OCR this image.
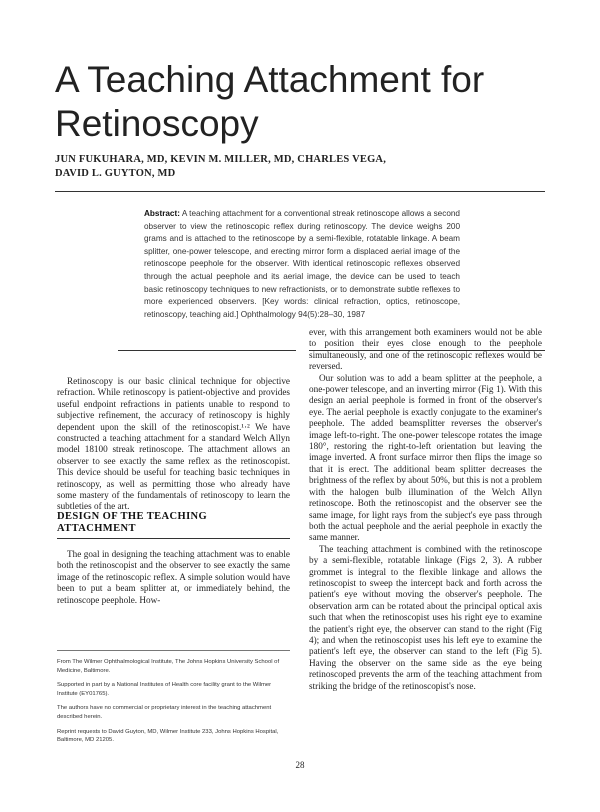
A Teaching Attachment for Retinoscopy
JUN FUKUHARA, MD, KEVIN M. MILLER, MD, CHARLES VEGA,
DAVID L. GUYTON, MD
Abstract: A teaching attachment for a conventional streak retinoscope allows a second observer to view the retinoscopic reflex during retinoscopy. The device weighs 200 grams and is attached to the retinoscope by a semi-flexible, rotatable linkage. A beam splitter, one-power telescope, and erecting mirror form a displaced aerial image of the retinoscope peephole for the observer. With identical retinoscopic reflexes observed through the actual peephole and its aerial image, the device can be used to teach basic retinoscopy techniques to new refractionists, or to demonstrate subtle reflexes to more experienced observers. [Key words: clinical refraction, optics, retinoscope, retinoscopy, teaching aid.] Ophthalmology 94(5):28–30, 1987

Retinoscopy is our basic clinical technique for objective refraction. While retinoscopy is patient-objective and provides useful endpoint refractions in patients unable to respond to subjective refinement, the accuracy of retinoscopy is highly dependent upon the skill of the retinoscopist.¹·² We have constructed a teaching attachment for a standard Welch Allyn model 18100 streak retinoscope. The attachment allows an observer to see exactly the same reflex as the retinoscopist. This device should be useful for teaching basic techniques in retinoscopy, as well as permitting those who already have some mastery of the fundamentals of retinoscopy to learn the subtleties of the art.

DESIGN OF THE TEACHING
ATTACHMENT

The goal in designing the teaching attachment was to enable both the retinoscopist and the observer to see exactly the same image of the retinoscopic reflex. A simple solution would have been to put a beam splitter at, or immediately behind, the retinoscope peephole. How-

From The Wilmer Ophthalmological Institute, The Johns Hopkins University School of Medicine, Baltimore.

Supported in part by a National Institutes of Health core facility grant to the Wilmer Institute (EY01765).

The authors have no commercial or proprietary interest in the teaching attachment described herein.

Reprint requests to David Guyton, MD, Wilmer Institute 233, Johns Hopkins Hospital, Baltimore, MD 21205.

ever, with this arrangement both examiners would not be able to position their eyes close enough to the peephole simultaneously, and one of the retinoscopic reflexes would be reversed.

Our solution was to add a beam splitter at the peephole, a one-power telescope, and an inverting mirror (Fig 1). With this design an aerial peephole is formed in front of the observer's eye. The aerial peephole is exactly conjugate to the examiner's peephole. The added beamsplitter reverses the observer's image left-to-right. The one-power telescope rotates the image 180°, restoring the right-to-left orientation but leaving the image inverted. A front surface mirror then flips the image so that it is erect. The additional beam splitter decreases the brightness of the reflex by about 50%, but this is not a problem with the halogen bulb illumination of the Welch Allyn retinoscope. Both the retinoscopist and the observer see the same image, for light rays from the subject's eye pass through both the actual peephole and the aerial peephole in exactly the same manner.

The teaching attachment is combined with the retinoscope by a semi-flexible, rotatable linkage (Figs 2, 3). A rubber grommet is integral to the flexible linkage and allows the retinoscopist to sweep the intercept back and forth across the patient's eye without moving the observer's peephole. The observation arm can be rotated about the principal optical axis such that when the retinoscopist uses his right eye to examine the patient's right eye, the observer can stand to the right (Fig 4); and when the retinoscopist uses his left eye to examine the patient's left eye, the observer can stand to the left (Fig 5). Having the observer on the same side as the eye being retinoscoped prevents the arm of the teaching attachment from striking the bridge of the retinoscopist's nose.

28
